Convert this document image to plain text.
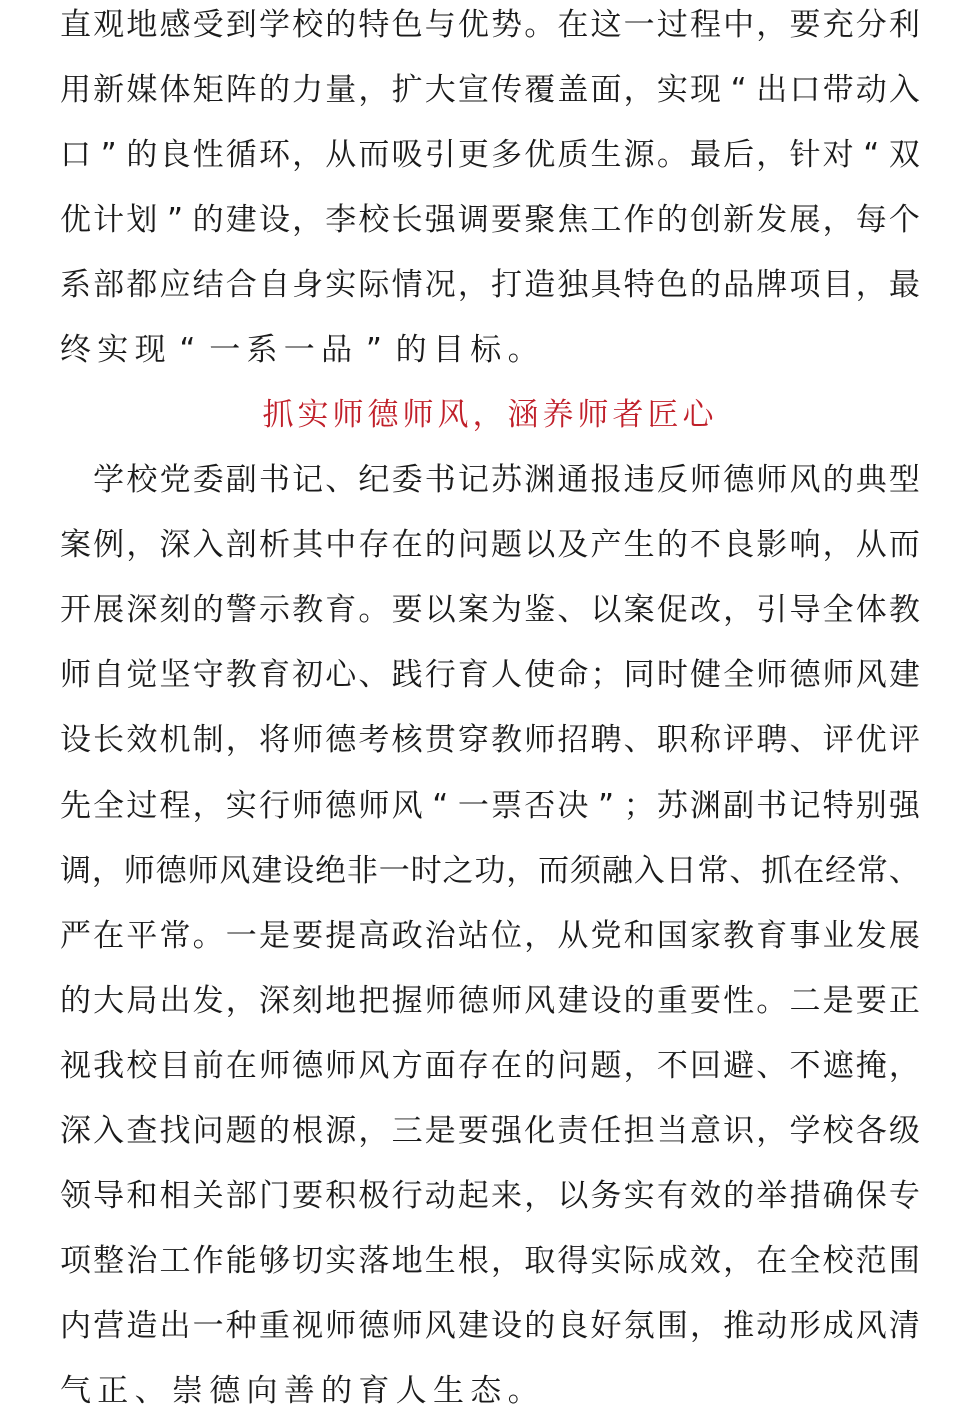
直 观 地 感 受 到 学 校 的 特 色 与 优 势 。 在 这 一 过 程 中 ， 要 充 分 利
用 新 媒 体 矩 阵 的 力 量 ， 扩 大 宣 传 覆 盖 面 ， 实 现 “ 出 口 带 动 入
口 ” 的 良 性 循 环 ， 从 而 吸 引 更 多 优 质 生 源 。 最 后 ， 针 对 “ 双
优 计 划 ” 的 建 设 ， 李 校 长 强 调 要 聚 焦 工 作 的 创 新 发 展 ， 每 个
系 部 都 应 结 合 自 身 实 际 情 况 ， 打 造 独 具 特 色 的 品 牌 项 目 ， 最
终 实 现 “ 一 系 一 品 ” 的 目 标 。
抓实师德师风，涵养师者匠心

学 校 党 委 副 书 记 、 纪 委 书 记 苏 渊 通 报 违 反 师 德 师 风 的 典 型
案 例 ， 深 入 剖 析 其 中 存 在 的 问 题 以 及 产 生 的 不 良 影 响 ， 从 而
开 展 深 刻 的 警 示 教 育 。 要 以 案 为 鉴 、 以 案 促 改 ， 引 导 全 体 教
师 自 觉 坚 守 教 育 初 心 、 践 行 育 人 使 命 ； 同 时 健 全 师 德 师 风 建
设 长 效 机 制 ， 将 师 德 考 核 贯 穿 教 师 招 聘 、 职 称 评 聘 、 评 优 评
先 全 过 程 ， 实 行 师 德 师 风 “ 一 票 否 决 ” ； 苏 渊 副 书 记 特 别 强
调 ， 师 德 师 风 建 设 绝 非 一 时 之 功 ， 而 须 融 入 日 常 、 抓 在 经 常 、
严 在 平 常 。 一 是 要 提 高 政 治 站 位 ， 从 党 和 国 家 教 育 事 业 发 展
的 大 局 出 发 ， 深 刻 地 把 握 师 德 师 风 建 设 的 重 要 性 。 二 是 要 正
视 我 校 目 前 在 师 德 师 风 方 面 存 在 的 问 题 ， 不 回 避 、 不 遮 掩 ，
深 入 查 找 问 题 的 根 源 ， 三 是 要 强 化 责 任 担 当 意 识 ， 学 校 各 级
领 导 和 相 关 部 门 要 积 极 行 动 起 来 ， 以 务 实 有 效 的 举 措 确 保 专
项 整 治 工 作 能 够 切 实 落 地 生 根 ， 取 得 实 际 成 效 ， 在 全 校 范 围
内 营 造 出 一 种 重 视 师 德 师 风 建 设 的 良 好 氛 围 ， 推 动 形 成 风 清
气 正 、 崇 德 向 善 的 育 人 生 态 。
